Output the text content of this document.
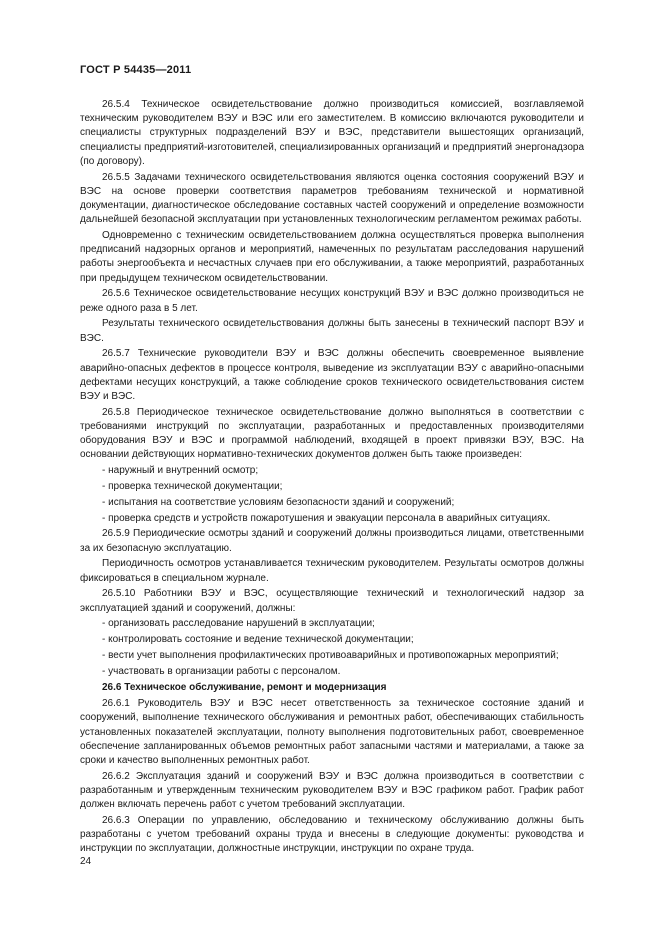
ГОСТ Р 54435—2011
26.5.4 Техническое освидетельствование должно производиться комиссией, возглавляемой техническим руководителем ВЭУ и ВЭС или его заместителем. В комиссию включаются руководители и специалисты структурных подразделений ВЭУ и ВЭС, представители вышестоящих организаций, специалисты предприятий-изготовителей, специализированных организаций и предприятий энергонадзора (по договору).
26.5.5 Задачами технического освидетельствования являются оценка состояния сооружений ВЭУ и ВЭС на основе проверки соответствия параметров требованиям технической и нормативной документации, диагностическое обследование составных частей сооружений и определение возможности дальнейшей безопасной эксплуатации при установленных технологическим регламентом режимах работы.
Одновременно с техническим освидетельствованием должна осуществляться проверка выполнения предписаний надзорных органов и мероприятий, намеченных по результатам расследования нарушений работы энергообъекта и несчастных случаев при его обслуживании, а также мероприятий, разработанных при предыдущем техническом освидетельствовании.
26.5.6 Техническое освидетельствование несущих конструкций ВЭУ и ВЭС должно производиться не реже одного раза в 5 лет.
Результаты технического освидетельствования должны быть занесены в технический паспорт ВЭУ и ВЭС.
26.5.7 Технические руководители ВЭУ и ВЭС должны обеспечить своевременное выявление аварийно-опасных дефектов в процессе контроля, выведение из эксплуатации ВЭУ с аварийно-опасными дефектами несущих конструкций, а также соблюдение сроков технического освидетельствования систем ВЭУ и ВЭС.
26.5.8 Периодическое техническое освидетельствование должно выполняться в соответствии с требованиями инструкций по эксплуатации, разработанных и предоставленных производителями оборудования ВЭУ и ВЭС и программой наблюдений, входящей в проект привязки ВЭУ, ВЭС. На основании действующих нормативно-технических документов должен быть также произведен:
- наружный и внутренний осмотр;
- проверка технической документации;
- испытания на соответствие условиям безопасности зданий и сооружений;
- проверка средств и устройств пожаротушения и эвакуации персонала в аварийных ситуациях.
26.5.9 Периодические осмотры зданий и сооружений должны производиться лицами, ответственными за их безопасную эксплуатацию.
Периодичность осмотров устанавливается техническим руководителем. Результаты осмотров должны фиксироваться в специальном журнале.
26.5.10 Работники ВЭУ и ВЭС, осуществляющие технический и технологический надзор за эксплуатацией зданий и сооружений, должны:
- организовать расследование нарушений в эксплуатации;
- контролировать состояние и ведение технической документации;
- вести учет выполнения профилактических противоаварийных и противопожарных мероприятий;
- участвовать в организации работы с персоналом.
26.6 Техническое обслуживание, ремонт и модернизация
26.6.1 Руководитель ВЭУ и ВЭС несет ответственность за техническое состояние зданий и сооружений, выполнение технического обслуживания и ремонтных работ, обеспечивающих стабильность установленных показателей эксплуатации, полноту выполнения подготовительных работ, своевременное обеспечение запланированных объемов ремонтных работ запасными частями и материалами, а также за сроки и качество выполненных ремонтных работ.
26.6.2 Эксплуатация зданий и сооружений ВЭУ и ВЭС должна производиться в соответствии с разработанным и утвержденным техническим руководителем ВЭУ и ВЭС графиком работ. График работ должен включать перечень работ с учетом требований эксплуатации.
26.6.3 Операции по управлению, обследованию и техническому обслуживанию должны быть разработаны с учетом требований охраны труда и внесены в следующие документы: руководства и инструкции по эксплуатации, должностные инструкции, инструкции по охране труда.
24
